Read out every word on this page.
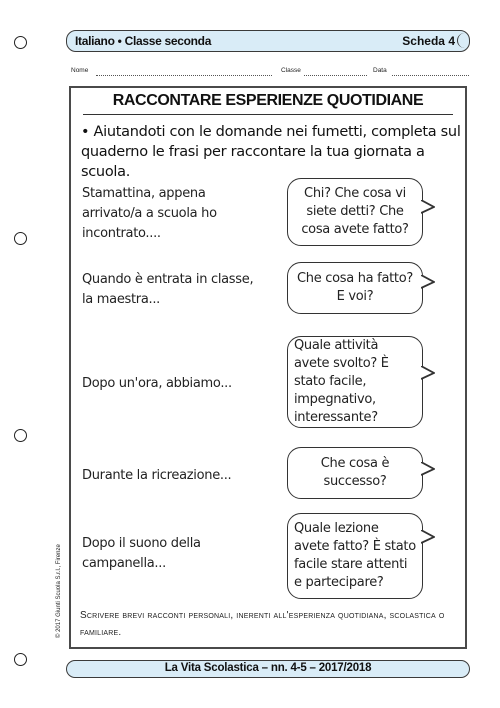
Italiano • Classe seconda	Scheda 4
Nome	Classe	Data
RACCONTARE ESPERIENZE QUOTIDIANE
• Aiutandoti con le domande nei fumetti, completa sul quaderno le frasi per raccontare la tua giornata a scuola.
Stamattina, appena arrivato/a a scuola ho incontrato....
Chi? Che cosa vi siete detti? Che cosa avete fatto?
Quando è entrata in classe, la maestra...
Che cosa ha fatto? E voi?
Dopo un'ora, abbiamo...
Quale attività avete svolto? È stato facile, impegnativo, interessante?
Durante la ricreazione...
Che cosa è successo?
Dopo il suono della campanella...
Quale lezione avete fatto? È stato facile stare attenti e partecipare?
Scrivere brevi racconti personali, inerenti all'esperienza quotidiana, scolastica o familiare.
© 2017 Giunti Scuola S.r.l., Firenze
La Vita Scolastica – nn. 4-5 – 2017/2018
